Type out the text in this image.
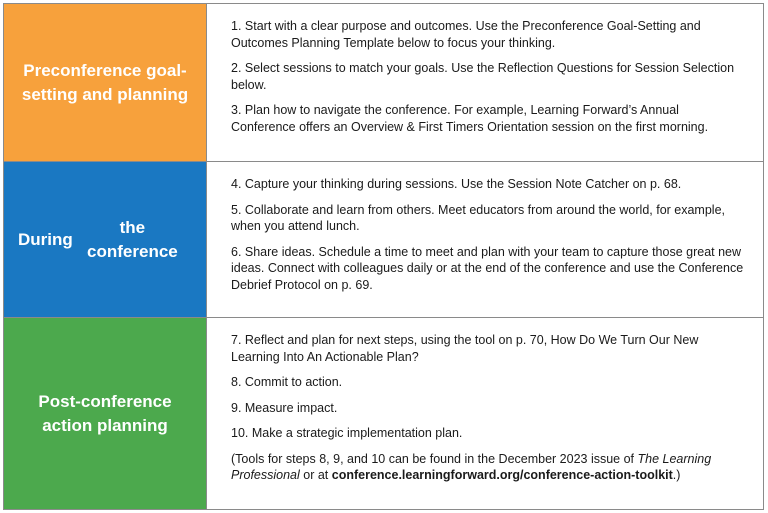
Preconference goal-setting and planning

1. Start with a clear purpose and outcomes. Use the Preconference Goal-Setting and Outcomes Planning Template below to focus your thinking.

2. Select sessions to match your goals. Use the Reflection Questions for Session Selection below.

3. Plan how to navigate the conference. For example, Learning Forward’s Annual Conference offers an Overview & First Timers Orientation session on the first morning.

During

the conference

4. Capture your thinking during sessions. Use the Session Note Catcher on p. 68.

5. Collaborate and learn from others. Meet educators from around the world, for example, when you attend lunch.

6. Share ideas. Schedule a time to meet and plan with your team to capture those great new ideas. Connect with colleagues daily or at the end of the conference and use the Conference Debrief Protocol on p. 69.

Post-conference action planning

7. Reflect and plan for next steps, using the tool on p. 70, How Do We Turn Our New Learning Into An Actionable Plan?

8. Commit to action.

9. Measure impact.

10. Make a strategic implementation plan.

(Tools for steps 8, 9, and 10 can be found in the December 2023 issue of The Learning Professional or at conference.learningforward.org/conference-action-toolkit.)
